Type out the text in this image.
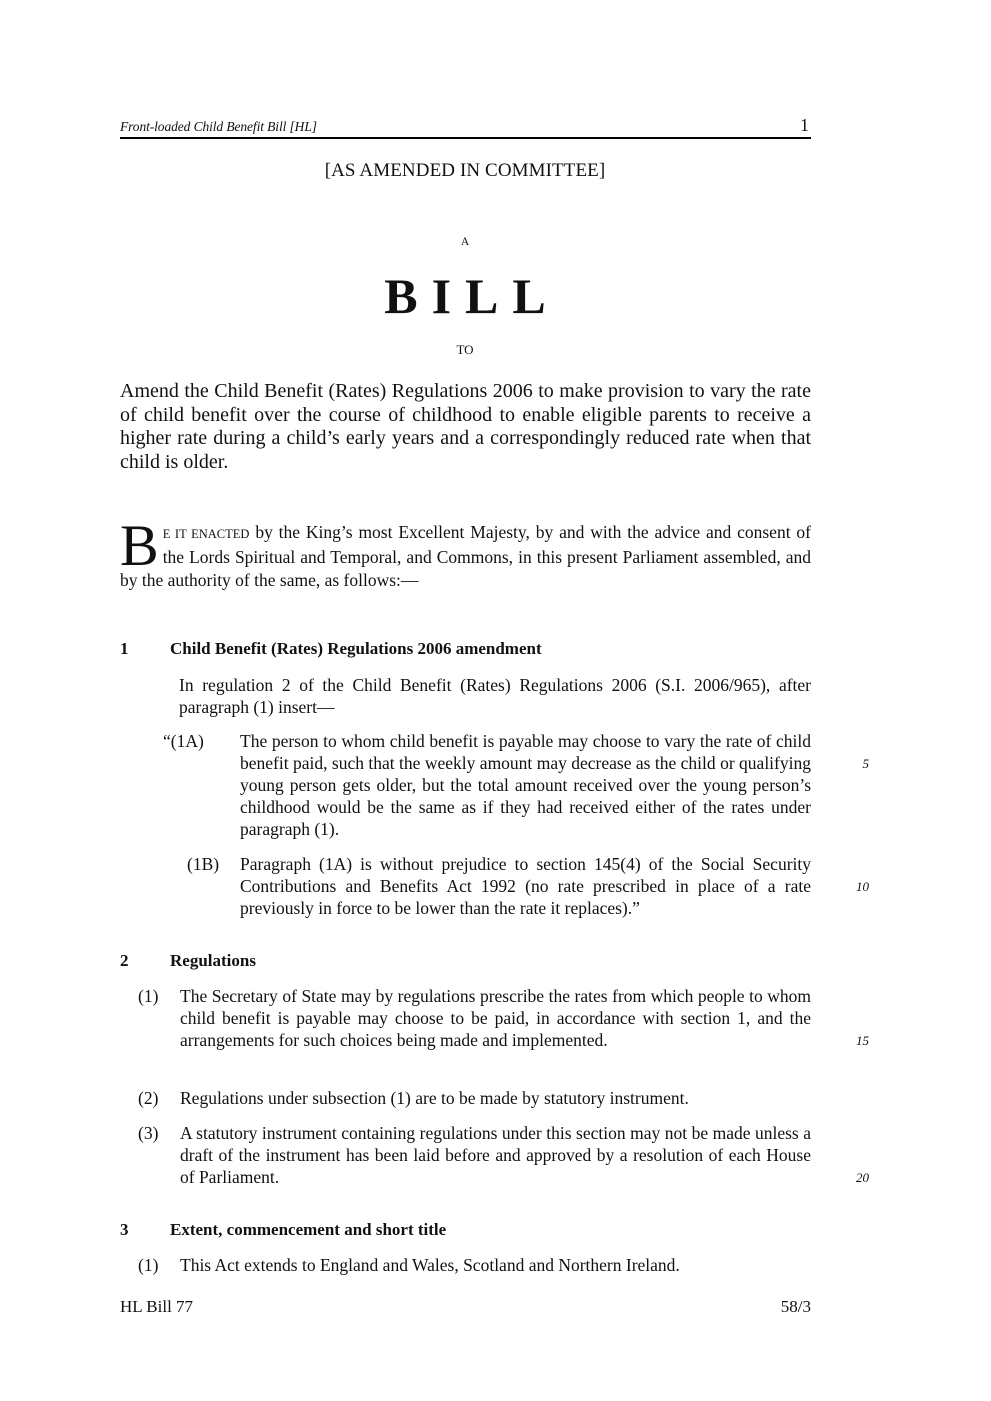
Front-loaded Child Benefit Bill [HL]	1
[AS AMENDED IN COMMITTEE]
A
BILL
TO
Amend the Child Benefit (Rates) Regulations 2006 to make provision to vary the rate of child benefit over the course of childhood to enable eligible parents to receive a higher rate during a child’s early years and a correspondingly reduced rate when that child is older.
B E IT ENACTED by the King’s most Excellent Majesty, by and with the advice and consent of the Lords Spiritual and Temporal, and Commons, in this present Parliament assembled, and by the authority of the same, as follows:—
1 Child Benefit (Rates) Regulations 2006 amendment
In regulation 2 of the Child Benefit (Rates) Regulations 2006 (S.I. 2006/965), after paragraph (1) insert—
“(1A) The person to whom child benefit is payable may choose to vary the rate of child benefit paid, such that the weekly amount may decrease as the child or qualifying young person gets older, but the total amount received over the young person’s childhood would be the same as if they had received either of the rates under paragraph (1).
(1B) Paragraph (1A) is without prejudice to section 145(4) of the Social Security Contributions and Benefits Act 1992 (no rate prescribed in place of a rate previously in force to be lower than the rate it replaces).”
2 Regulations
(1) The Secretary of State may by regulations prescribe the rates from which people to whom child benefit is payable may choose to be paid, in accordance with section 1, and the arrangements for such choices being made and implemented.
(2) Regulations under subsection (1) are to be made by statutory instrument.
(3) A statutory instrument containing regulations under this section may not be made unless a draft of the instrument has been laid before and approved by a resolution of each House of Parliament.
3 Extent, commencement and short title
(1) This Act extends to England and Wales, Scotland and Northern Ireland.
5
10
15
20
HL Bill 77	58/3
